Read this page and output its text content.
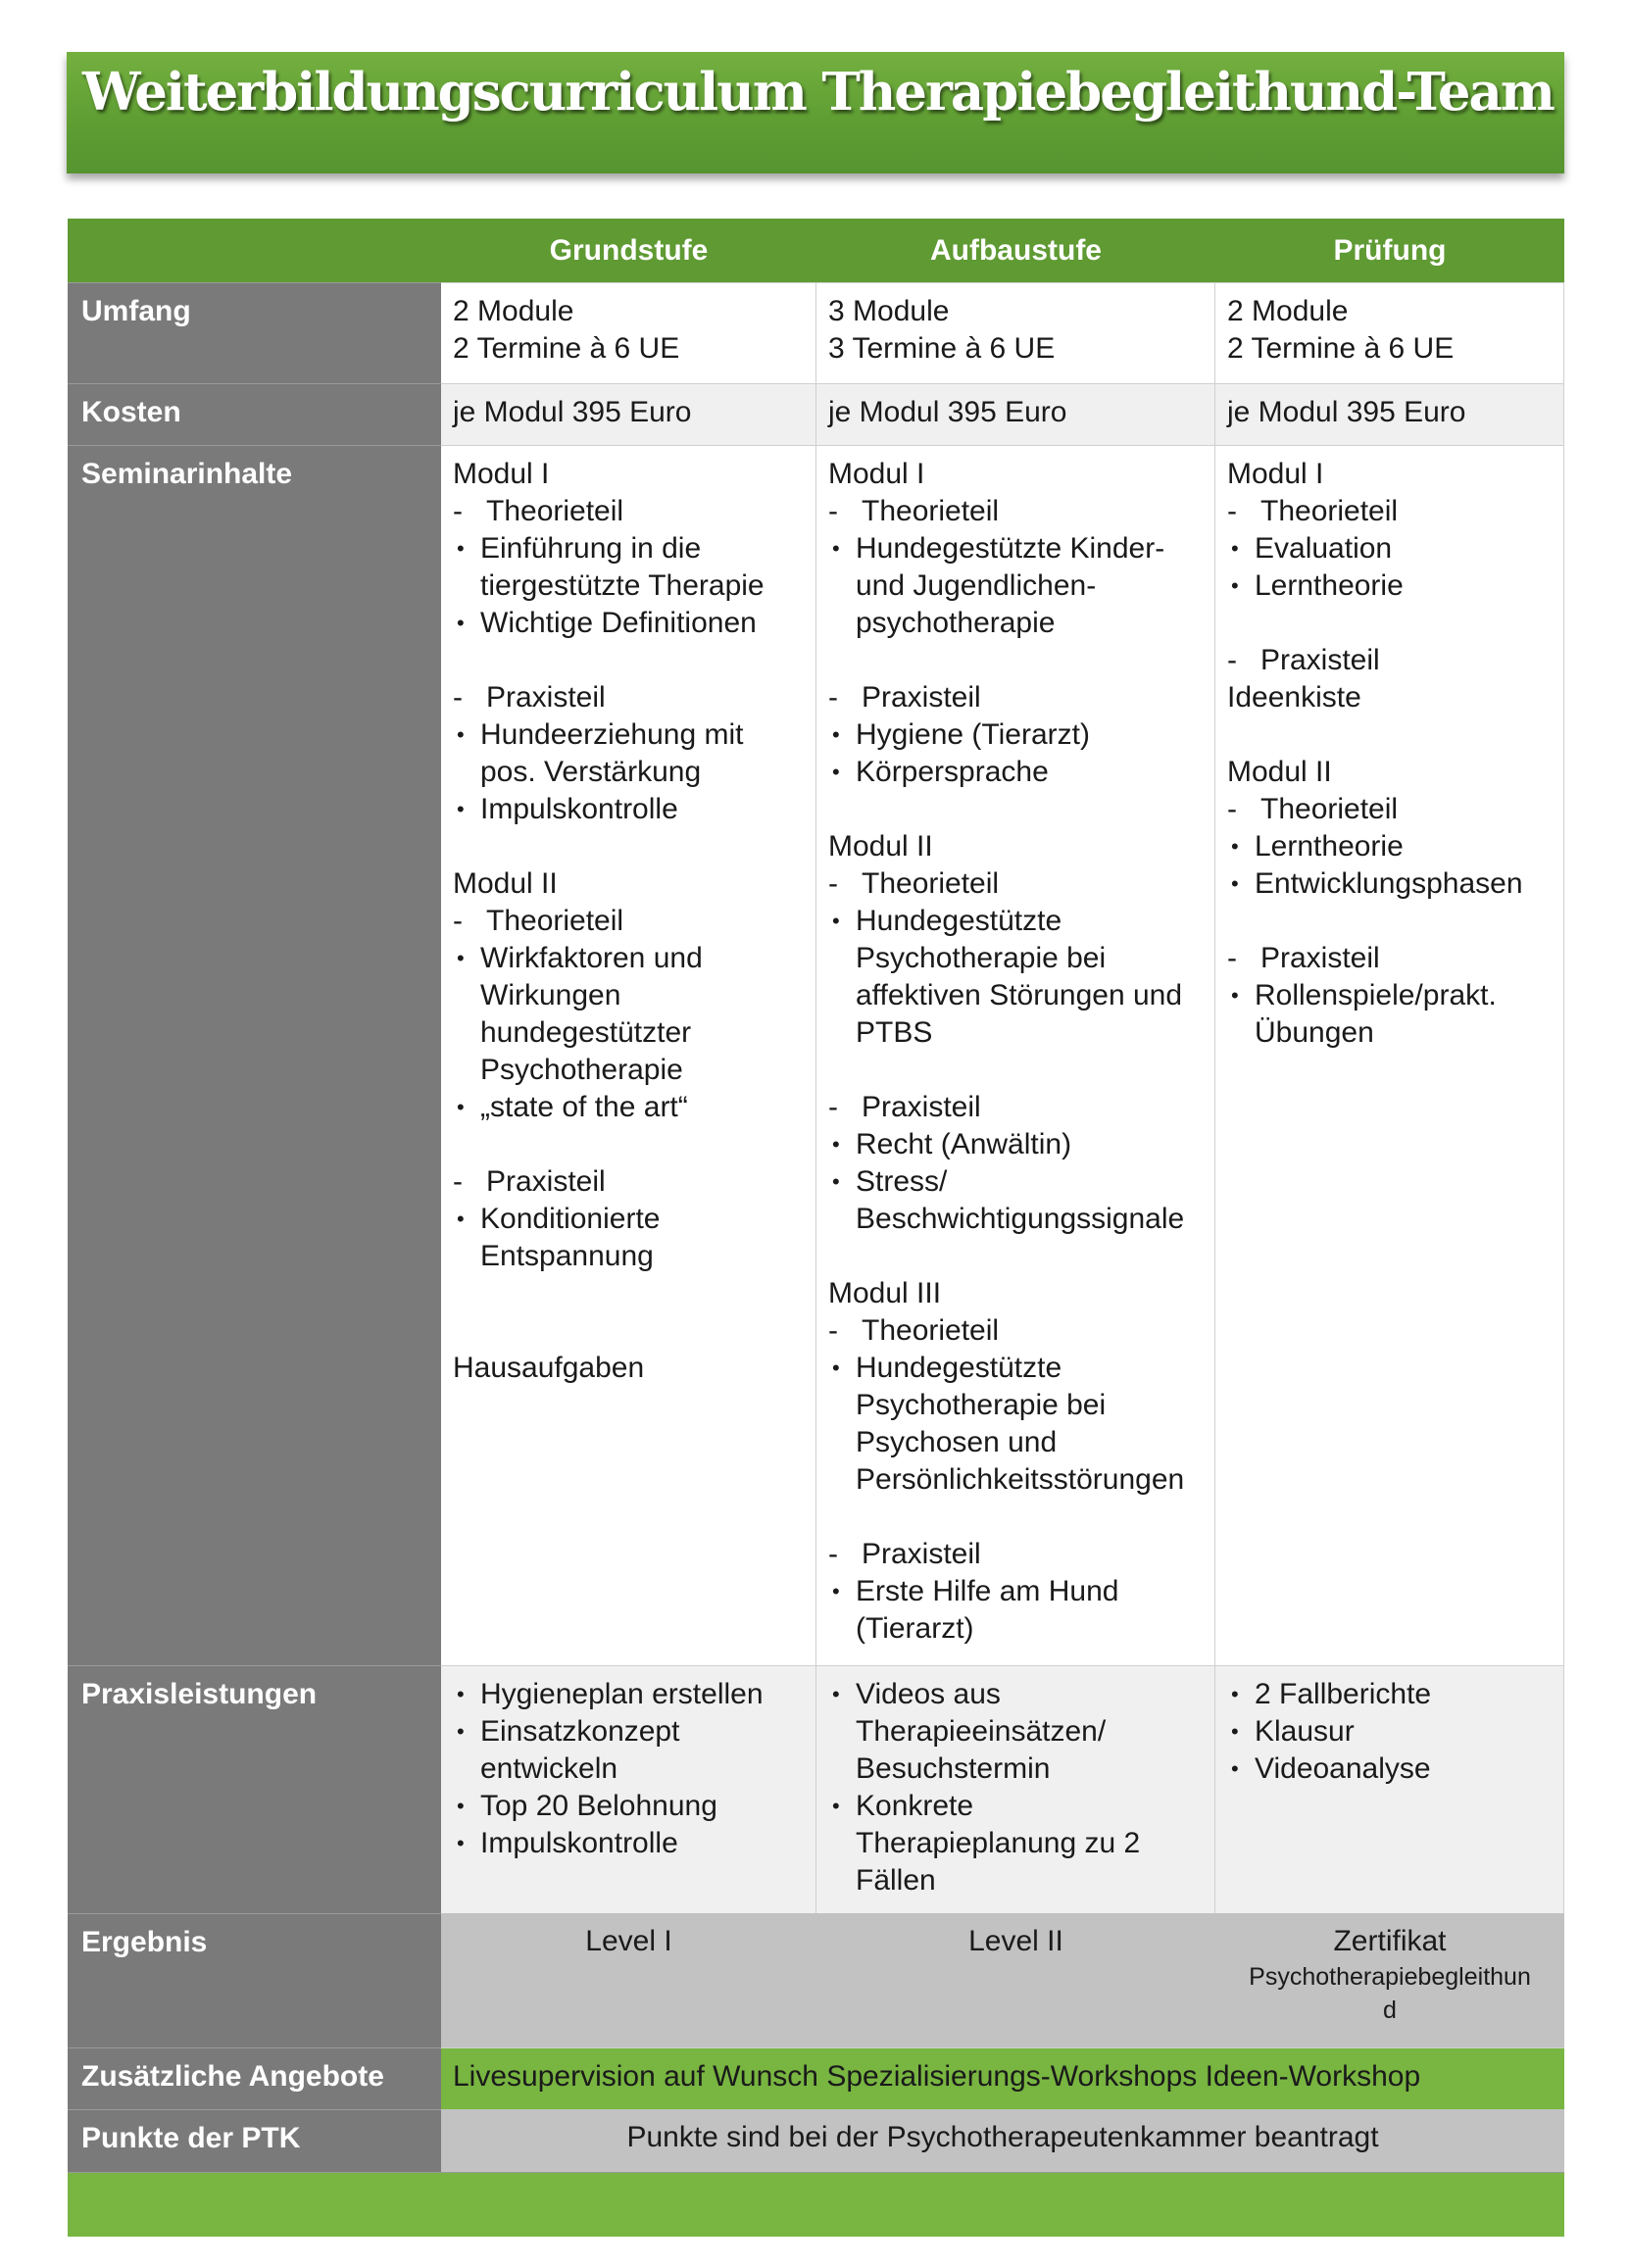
Weiterbildungscurriculum Therapiebegleithund-Team
Grundstufe	Aufbaustufe	Prüfung
Umfang	2 Module
2 Termine à 6 UE
3 Module
3 Termine à 6 UE
2 Module
2 Termine à 6 UE
Kosten	je Modul 395 Euro	je Modul 395 Euro	je Modul 395 Euro
Seminarinhalte	Modul I
- Theorieteil
• Einführung in die
tiergestützte Therapie
• Wichtige Definitionen
- Praxisteil
• Hundeerziehung mit
pos. Verstärkung
• Impulskontrolle
Modul II
- Theorieteil
• Wirkfaktoren und
Wirkungen
hundegestützter
Psychotherapie
• „state of the art“
- Praxisteil
• Konditionierte
Entspannung
Hausaufgaben
Modul I
- Theorieteil
• Hundegestützte Kinder-
und Jugendlichen-
psychotherapie
- Praxisteil
• Hygiene (Tierarzt)
• Körpersprache
Modul II
- Theorieteil
• Hundegestützte
Psychotherapie bei
affektiven Störungen und
PTBS
- Praxisteil
• Recht (Anwältin)
• Stress/
Beschwichtigungssignale
Modul III
- Theorieteil
• Hundegestützte
Psychotherapie bei
Psychosen und
Persönlichkeitsstörungen
- Praxisteil
• Erste Hilfe am Hund
(Tierarzt)
Modul I
- Theorieteil
• Evaluation
• Lerntheorie
- Praxisteil
Ideenkiste
Modul II
- Theorieteil
• Lerntheorie
• Entwicklungsphasen
- Praxisteil
• Rollenspiele/prakt.
Übungen
Praxisleistungen
•	Hygieneplan erstellen
• Einsatzkonzept
entwickeln
• Top 20 Belohnung
• Impulskontrolle
• Videos aus
Therapieeinsätzen/
Besuchstermin
• Konkrete
Therapieplanung zu 2
Fällen
• 2 Fallberichte
• Klausur
• Videoanalyse
Ergebnis	Level I	Level II	Zertifikat
Psychotherapiebegleithun
d
Zusätzliche Angebote	Livesupervision auf Wunsch Spezialisierungs-Workshops Ideen-Workshop
Punkte der PTK	Punkte sind bei der Psychotherapeutenkammer beantragt
